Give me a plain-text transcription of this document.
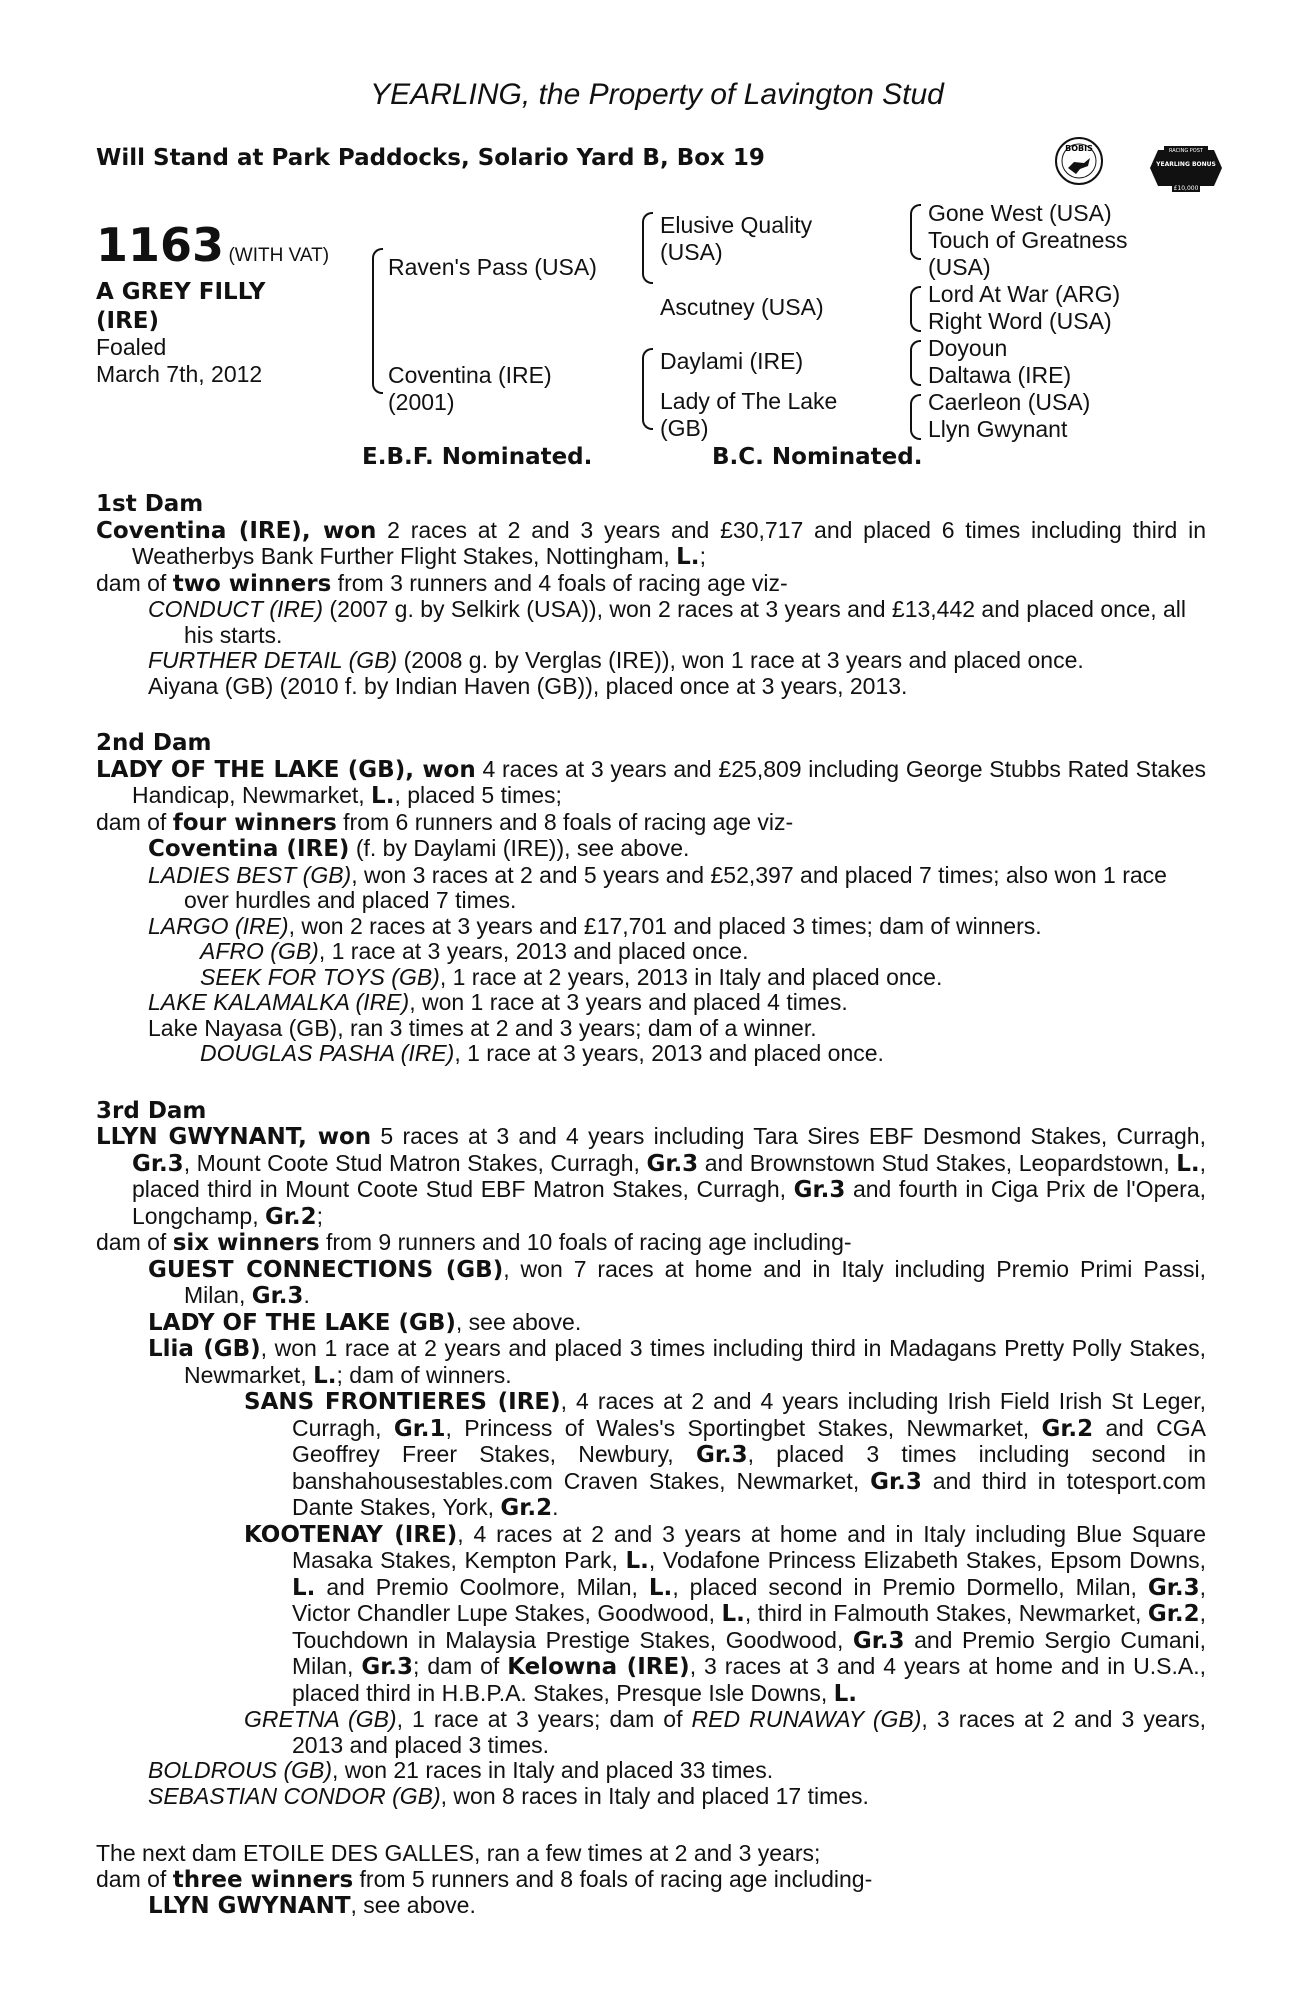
YEARLING, the Property of Lavington Stud
Will Stand at Park Paddocks, Solario Yard B, Box 19	BOBIS	RACING POST
YEARLING BONUS
£10,000
1163 (WITH VAT)
A GREY FILLY (IRE)
Foaled
March 7th, 2012
Raven's Pass (USA)
Coventina (IRE)
(2001)
Elusive Quality (USA)
Ascutney (USA)
Daylami (IRE)
Lady of The Lake (GB)
Gone West (USA)
Touch of Greatness (USA)
Lord At War (ARG)
Right Word (USA)
Doyoun
Daltawa (IRE)
Caerleon (USA)
Llyn Gwynant
E.B.F. Nominated.	B.C. Nominated.
1st Dam
Coventina (IRE), won 2 races at 2 and 3 years and £30,717 and placed 6 times including third in Weatherbys Bank Further Flight Stakes, Nottingham, L.;
dam of two winners from 3 runners and 4 foals of racing age viz-
CONDUCT (IRE) (2007 g. by Selkirk (USA)), won 2 races at 3 years and £13,442 and placed once, all his starts.
FURTHER DETAIL (GB) (2008 g. by Verglas (IRE)), won 1 race at 3 years and placed once.
Aiyana (GB) (2010 f. by Indian Haven (GB)), placed once at 3 years, 2013.
2nd Dam
LADY OF THE LAKE (GB), won 4 races at 3 years and £25,809 including George Stubbs Rated Stakes Handicap, Newmarket, L., placed 5 times;
dam of four winners from 6 runners and 8 foals of racing age viz-
Coventina (IRE) (f. by Daylami (IRE)), see above.
LADIES BEST (GB), won 3 races at 2 and 5 years and £52,397 and placed 7 times; also won 1 race over hurdles and placed 7 times.
LARGO (IRE), won 2 races at 3 years and £17,701 and placed 3 times; dam of winners.
AFRO (GB), 1 race at 3 years, 2013 and placed once.
SEEK FOR TOYS (GB), 1 race at 2 years, 2013 in Italy and placed once.
LAKE KALAMALKA (IRE), won 1 race at 3 years and placed 4 times.
Lake Nayasa (GB), ran 3 times at 2 and 3 years; dam of a winner.
DOUGLAS PASHA (IRE), 1 race at 3 years, 2013 and placed once.
3rd Dam
LLYN GWYNANT, won 5 races at 3 and 4 years including Tara Sires EBF Desmond Stakes, Curragh, Gr.3, Mount Coote Stud Matron Stakes, Curragh, Gr.3 and Brownstown Stud Stakes, Leopardstown, L., placed third in Mount Coote Stud EBF Matron Stakes, Curragh, Gr.3 and fourth in Ciga Prix de l'Opera, Longchamp, Gr.2;
dam of six winners from 9 runners and 10 foals of racing age including-
GUEST CONNECTIONS (GB), won 7 races at home and in Italy including Premio Primi Passi, Milan, Gr.3.
LADY OF THE LAKE (GB), see above.
Llia (GB), won 1 race at 2 years and placed 3 times including third in Madagans Pretty Polly Stakes, Newmarket, L.; dam of winners.
SANS FRONTIERES (IRE), 4 races at 2 and 4 years including Irish Field Irish St Leger, Curragh, Gr.1, Princess of Wales's Sportingbet Stakes, Newmarket, Gr.2 and CGA Geoffrey Freer Stakes, Newbury, Gr.3, placed 3 times including second in banshahousestables.com Craven Stakes, Newmarket, Gr.3 and third in totesport.com Dante Stakes, York, Gr.2.
KOOTENAY (IRE), 4 races at 2 and 3 years at home and in Italy including Blue Square Masaka Stakes, Kempton Park, L., Vodafone Princess Elizabeth Stakes, Epsom Downs, L. and Premio Coolmore, Milan, L., placed second in Premio Dormello, Milan, Gr.3, Victor Chandler Lupe Stakes, Goodwood, L., third in Falmouth Stakes, Newmarket, Gr.2, Touchdown in Malaysia Prestige Stakes, Goodwood, Gr.3 and Premio Sergio Cumani, Milan, Gr.3; dam of Kelowna (IRE), 3 races at 3 and 4 years at home and in U.S.A., placed third in H.B.P.A. Stakes, Presque Isle Downs, L.
GRETNA (GB), 1 race at 3 years; dam of RED RUNAWAY (GB), 3 races at 2 and 3 years, 2013 and placed 3 times.
BOLDROUS (GB), won 21 races in Italy and placed 33 times.
SEBASTIAN CONDOR (GB), won 8 races in Italy and placed 17 times.
The next dam ETOILE DES GALLES, ran a few times at 2 and 3 years;
dam of three winners from 5 runners and 8 foals of racing age including-
LLYN GWYNANT, see above.
